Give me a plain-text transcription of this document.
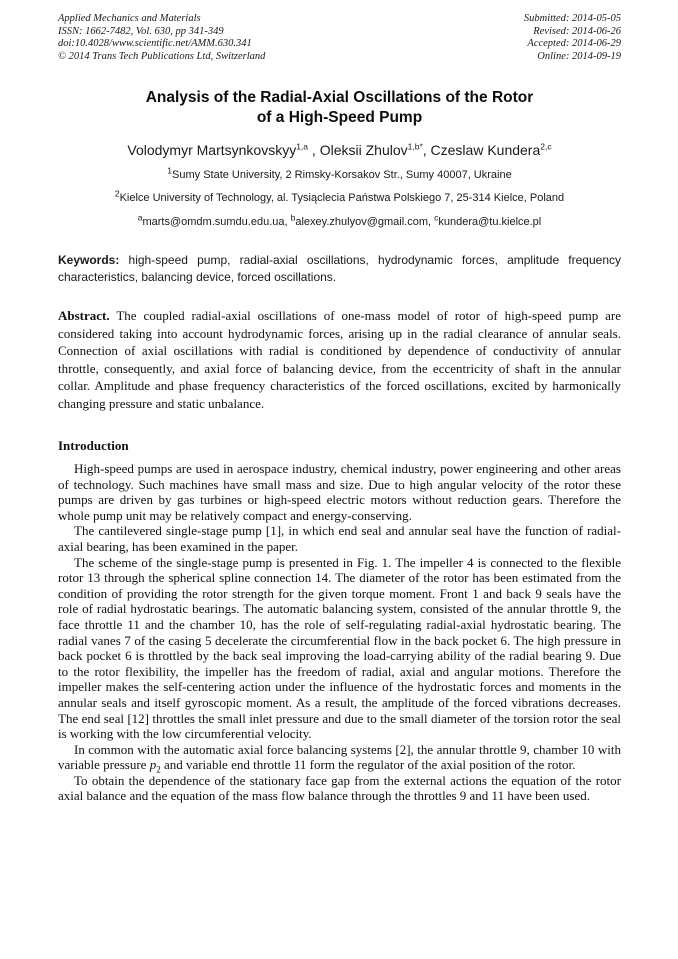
Applied Mechanics and Materials
ISSN: 1662-7482, Vol. 630, pp 341-349
doi:10.4028/www.scientific.net/AMM.630.341
© 2014 Trans Tech Publications Ltd, Switzerland
Submitted: 2014-05-05
Revised: 2014-06-26
Accepted: 2014-06-29
Online: 2014-09-19
Analysis of the Radial-Axial Oscillations of the Rotor
of a High-Speed Pump
Volodymyr Martsynkovskyy$^{1,a}$ , Oleksii Zhulov$^{1,b*}$, Czeslaw Kundera$^{2,c}$
$^1$Sumy State University, 2 Rimsky-Korsakov Str., Sumy 40007, Ukraine
$^2$Kielce University of Technology, al. Tysiąclecia Państwa Polskiego 7, 25-314 Kielce, Poland
$^a$marts@omdm.sumdu.edu.ua, $^b$alexey.zhulyov@gmail.com, $^c$kundera@tu.kielce.pl

Keywords: high-speed pump, radial-axial oscillations, hydrodynamic forces, amplitude frequency characteristics, balancing device, forced oscillations.

Abstract. The coupled radial-axial oscillations of one-mass model of rotor of high-speed pump are considered taking into account hydrodynamic forces, arising up in the radial clearance of annular seals. Connection of axial oscillations with radial is conditioned by dependence of conductivity of annular throttle, consequently, and axial force of balancing device, from the eccentricity of shaft in the annular collar. Amplitude and phase frequency characteristics of the forced oscillations, excited by harmonically changing pressure and static unbalance.

Introduction

High-speed pumps are used in aerospace industry, chemical industry, power engineering and other areas of technology. Such machines have small mass and size. Due to high angular velocity of the rotor these pumps are driven by gas turbines or high-speed electric motors without reduction gears. Therefore the whole pump unit may be relatively compact and energy-conserving.

The cantilevered single-stage pump [1], in which end seal and annular seal have the function of radial-axial bearing, has been examined in the paper.

The scheme of the single-stage pump is presented in Fig. 1. The impeller 4 is connected to the flexible rotor 13 through the spherical spline connection 14. The diameter of the rotor has been estimated from the condition of providing the rotor strength for the given torque moment. Front 1 and back 9 seals have the role of radial hydrostatic bearings. The automatic balancing system, consisted of the annular throttle 9, the face throttle 11 and the chamber 10, has the role of self-regulating radial-axial hydrostatic bearing. The radial vanes 7 of the casing 5 decelerate the circumferential flow in the back pocket 6. The high pressure in back pocket 6 is throttled by the back seal improving the load-carrying ability of the radial bearing 9. Due to the rotor flexibility, the impeller has the freedom of radial, axial and angular motions. Therefore the impeller makes the self-centering action under the influence of the hydrostatic forces and moments in the annular seals and itself gyroscopic moment. As a result, the amplitude of the forced vibrations decreases. The end seal [12] throttles the small inlet pressure and due to the small diameter of the torsion rotor the seal is working with the low circumferential velocity.

In common with the automatic axial force balancing systems [2], the annular throttle 9, chamber 10 with variable pressure $p_2$ and variable end throttle 11 form the regulator of the axial position of the rotor.

To obtain the dependence of the stationary face gap from the external actions the equation of the rotor axial balance and the equation of the mass flow balance through the throttles 9 and 11 have been used.
